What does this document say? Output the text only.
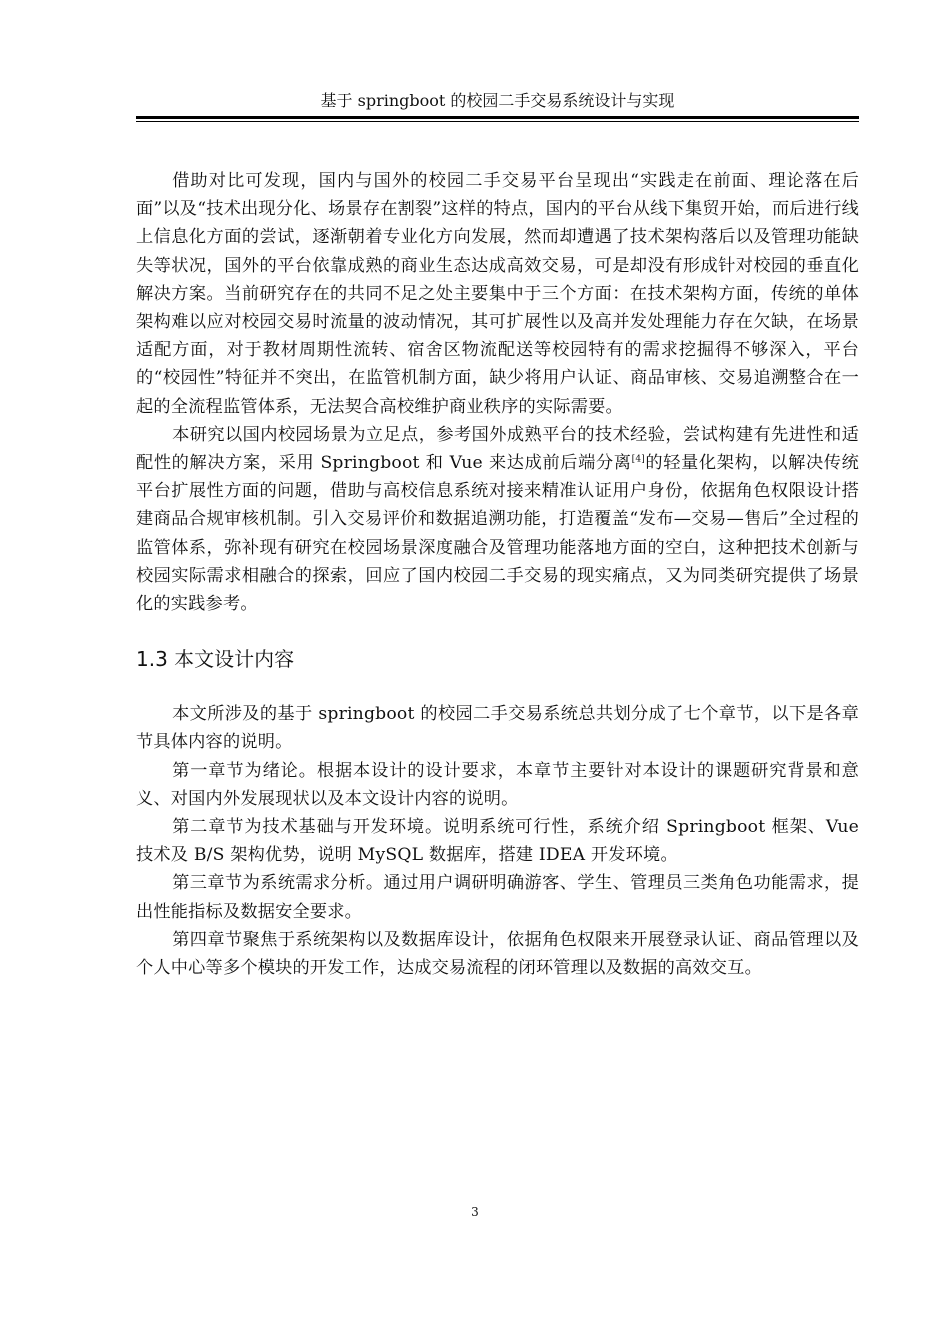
基于 springboot 的校园二手交易系统设计与实现

借助对比可发现，国内与国外的校园二手交易平台呈现出“实践走在前面、理论落在后面”以及“技术出现分化、场景存在割裂”这样的特点，国内的平台从线下集贸开始，而后进行线上信息化方面的尝试，逐渐朝着专业化方向发展，然而却遭遇了技术架构落后以及管理功能缺失等状况，国外的平台依靠成熟的商业生态达成高效交易，可是却没有形成针对校园的垂直化解决方案。当前研究存在的共同不足之处主要集中于三个方面：在技术架构方面，传统的单体架构难以应对校园交易时流量的波动情况，其可扩展性以及高并发处理能力存在欠缺，在场景适配方面，对于教材周期性流转、宿舍区物流配送等校园特有的需求挖掘得不够深入，平台的“校园性”特征并不突出，在监管机制方面，缺少将用户认证、商品审核、交易追溯整合在一起的全流程监管体系，无法契合高校维护商业秩序的实际需要。

本研究以国内校园场景为立足点，参考国外成熟平台的技术经验，尝试构建有先进性和适配性的解决方案，采用 Springboot 和 Vue 来达成前后端分离[4]的轻量化架构，以解决传统平台扩展性方面的问题，借助与高校信息系统对接来精准认证用户身份，依据角色权限设计搭建商品合规审核机制。引入交易评价和数据追溯功能，打造覆盖“发布—交易—售后”全过程的监管体系，弥补现有研究在校园场景深度融合及管理功能落地方面的空白，这种把技术创新与校园实际需求相融合的探索，回应了国内校园二手交易的现实痛点，又为同类研究提供了场景化的实践参考。

1.3 本文设计内容

本文所涉及的基于 springboot 的校园二手交易系统总共划分成了七个章节，以下是各章节具体内容的说明。

第一章节为绪论。根据本设计的设计要求，本章节主要针对本设计的课题研究背景和意义、对国内外发展现状以及本文设计内容的说明。

第二章节为技术基础与开发环境。说明系统可行性，系统介绍 Springboot 框架、Vue 技术及 B/S 架构优势，说明 MySQL 数据库，搭建 IDEA 开发环境。

第三章节为系统需求分析。通过用户调研明确游客、学生、管理员三类角色功能需求，提出性能指标及数据安全要求。

第四章节聚焦于系统架构以及数据库设计，依据角色权限来开展登录认证、商品管理以及个人中心等多个模块的开发工作，达成交易流程的闭环管理以及数据的高效交互。

3
